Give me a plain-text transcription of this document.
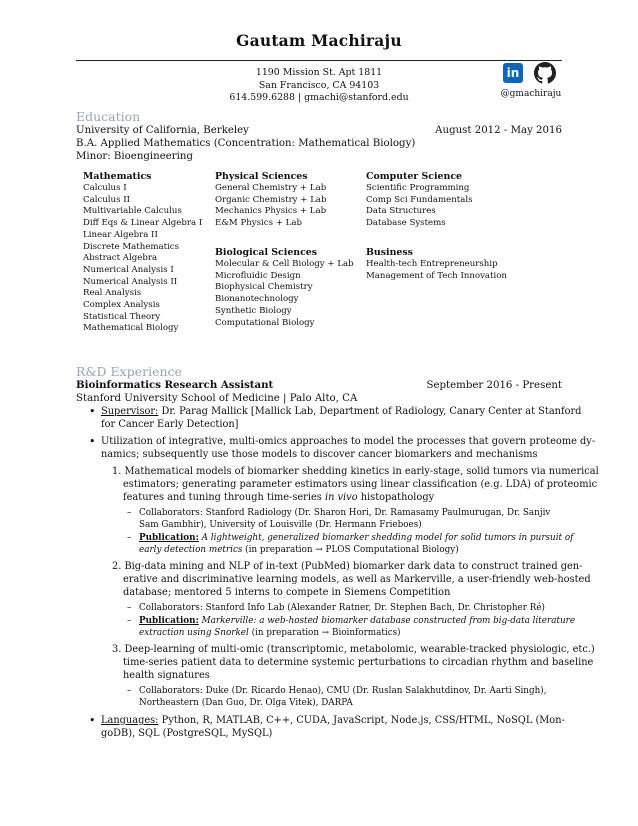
Gautam Machiraju
1190 Mission St. Apt 1811
San Francisco, CA 94103
614.599.6288 | gmachi@stanford.edu
in
@gmachiraju
Education
University of California, Berkeley	August 2012 - May 2016
B.A. Applied Mathematics (Concentration: Mathematical Biology)
Minor: Bioengineering
Mathematics
Calculus I
Calculus II
Multivariable Calculus
Diff Eqs & Linear Algebra I
Linear Algebra II
Discrete Mathematics
Abstract Algebra
Numerical Analysis I
Numerical Analysis II
Real Analysis
Complex Analysis
Statistical Theory
Mathematical Biology
Physical Sciences
General Chemistry + Lab
Organic Chemistry + Lab
Mechanics Physics + Lab
E&M Physics + Lab
Biological Sciences
Molecular & Cell Biology + Lab
Microfluidic Design
Biophysical Chemistry
Bionanotechnology
Synthetic Biology
Computational Biology
Computer Science
Scientific Programming
Comp Sci Fundamentals
Data Structures
Database Systems
Business
Health-tech Entrepreneurship
Management of Tech Innovation
R&D Experience
Bioinformatics Research Assistant	September 2016 - Present
Stanford University School of Medicine | Palo Alto, CA
• Supervisor: Dr. Parag Mallick [Mallick Lab, Department of Radiology, Canary Center at Stanford
for Cancer Early Detection]
• Utilization of integrative, multi-omics approaches to model the processes that govern proteome dy-
namics; subsequently use those models to discover cancer biomarkers and mechanisms
1. Mathematical models of biomarker shedding kinetics in early-stage, solid tumors via numerical
estimators; generating parameter estimators using linear classification (e.g. LDA) of proteomic
features and tuning through time-series in vivo histopathology
– Collaborators: Stanford Radiology (Dr. Sharon Hori, Dr. Ramasamy Paulmurugan, Dr. Sanjiv
Sam Gambhir), University of Louisville (Dr. Hermann Frieboes)
– Publication: A lightweight, generalized biomarker shedding model for solid tumors in pursuit of
early detection metrics (in preparation → PLOS Computational Biology)
2. Big-data mining and NLP of in-text (PubMed) biomarker dark data to construct trained gen-
erative and discriminative learning models, as well as Markerville, a user-friendly web-hosted
database; mentored 5 interns to compete in Siemens Competition
– Collaborators: Stanford Info Lab (Alexander Ratner, Dr. Stephen Bach, Dr. Christopher Ré)
– Publication: Markerville: a web-hosted biomarker database constructed from big-data literature
extraction using Snorkel (in preparation → Bioinformatics)
3. Deep-learning of multi-omic (transcriptomic, metabolomic, wearable-tracked physiologic, etc.)
time-series patient data to determine systemic perturbations to circadian rhythm and baseline
health signatures
– Collaborators: Duke (Dr. Ricardo Henao), CMU (Dr. Ruslan Salakhutdinov, Dr. Aarti Singh),
Northeastern (Dan Guo, Dr. Olga Vitek), DARPA
• Languages: Python, R, MATLAB, C++, CUDA, JavaScript, Node.js, CSS/HTML, NoSQL (Mon-
goDB), SQL (PostgreSQL, MySQL)
